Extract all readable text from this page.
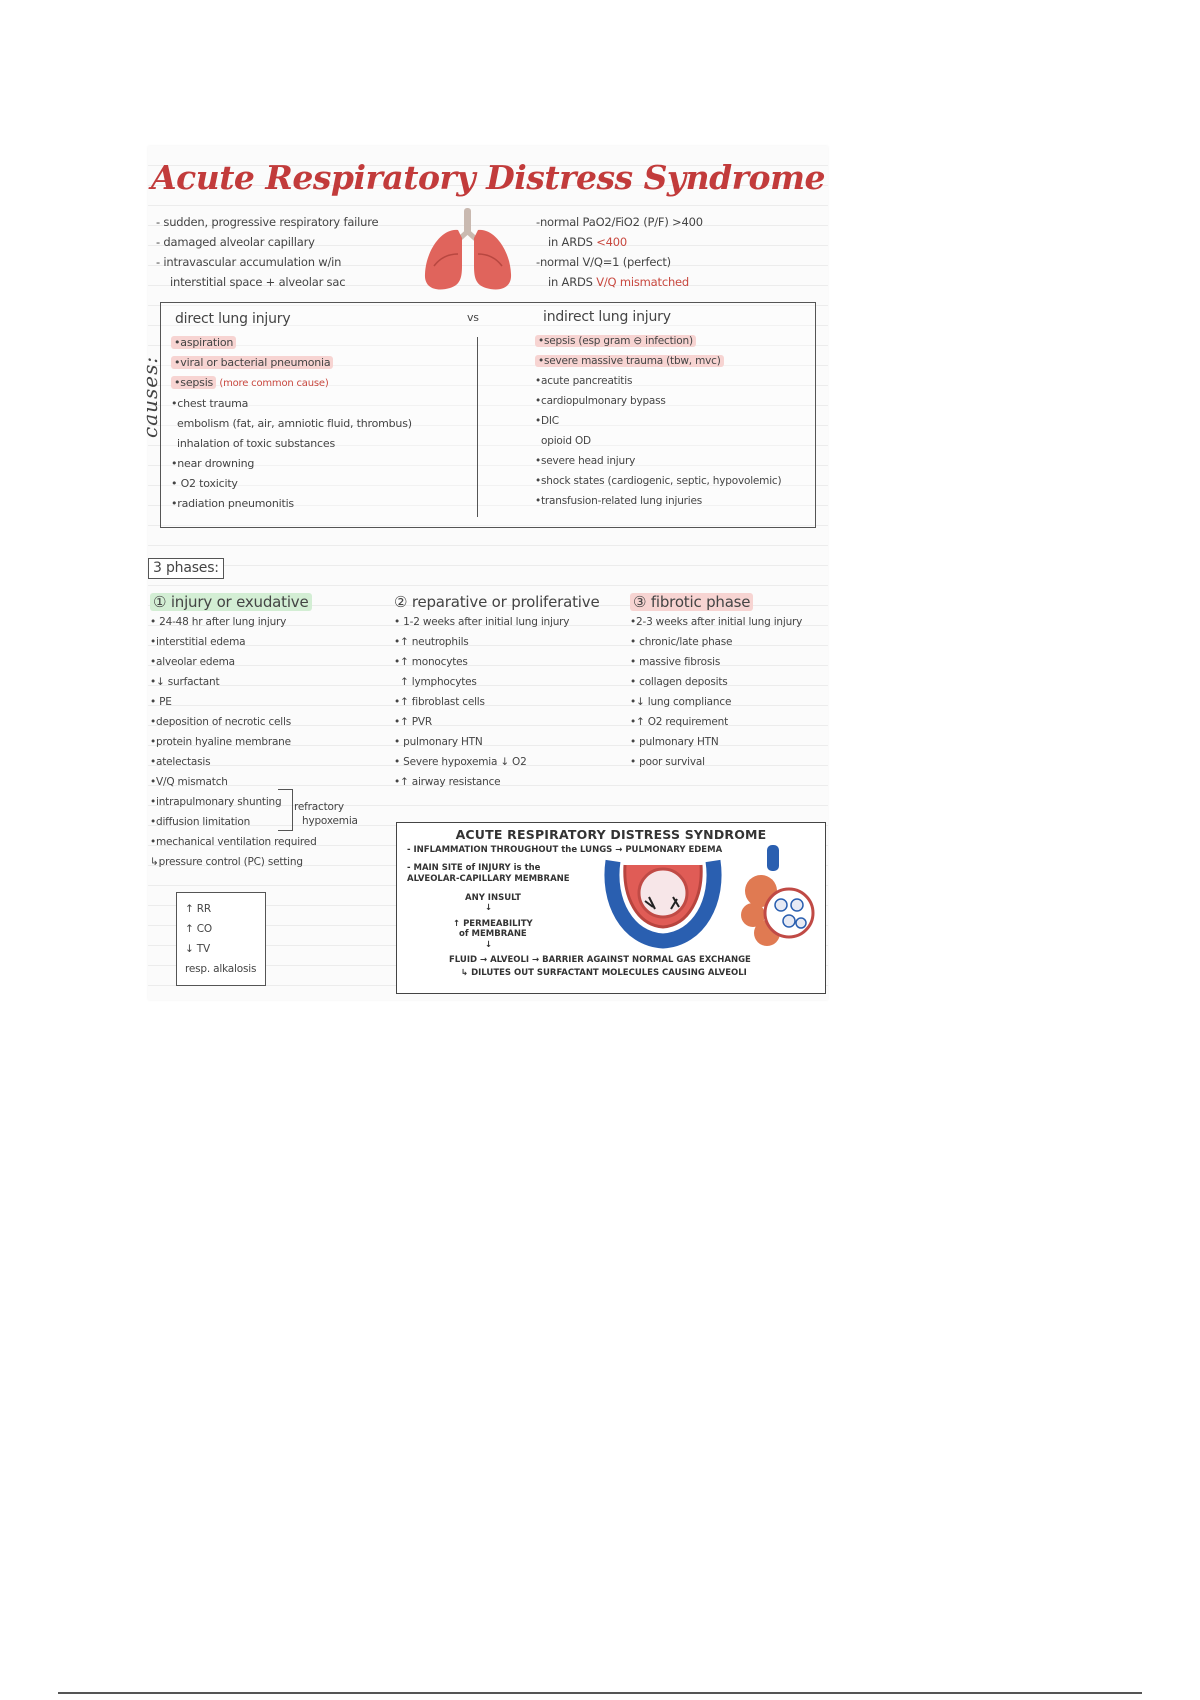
Acute Respiratory Distress Syndrome
- sudden, progressive respiratory failure
- damaged alveolar capillary
- intravascular accumulation w/in
interstitial space + alveolar sac
-normal PaO2/FiO2 (P/F) >400
in ARDS <400
-normal V/Q=1 (perfect)
in ARDS V/Q mismatched
causes:
direct lung injury	vs	indirect lung injury
•aspiration
•viral or bacterial pneumonia
•sepsis (more common cause)
•chest trauma
embolism (fat, air, amniotic fluid, thrombus)
inhalation of toxic substances
•near drowning
• O2 toxicity
•radiation pneumonitis
•sepsis (esp gram ⊖ infection)
•severe massive trauma (tbw, mvc)
•acute pancreatitis
•cardiopulmonary bypass
•DIC
opioid OD
•severe head injury
•shock states (cardiogenic, septic, hypovolemic)
•transfusion-related lung injuries
3 phases:
① injury or exudative
• 24-48 hr after lung injury
•interstitial edema
•alveolar edema
•↓ surfactant
• PE
•deposition of necrotic cells
•protein hyaline membrane
•atelectasis
•V/Q mismatch
•intrapulmonary shunting
•diffusion limitation
•mechanical ventilation required
↳pressure control (PC) setting
refractory
hypoxemia
↑ RR
↑ CO
↓ TV
resp. alkalosis
② reparative or proliferative
• 1-2 weeks after initial lung injury
•↑ neutrophils
•↑ monocytes
↑ lymphocytes
•↑ fibroblast cells
•↑ PVR
• pulmonary HTN
• Severe hypoxemia ↓ O2
•↑ airway resistance
③ fibrotic phase
•2-3 weeks after initial lung injury
• chronic/late phase
• massive fibrosis
• collagen deposits
•↓ lung compliance
•↑ O2 requirement
• pulmonary HTN
• poor survival
ACUTE RESPIRATORY DISTRESS SYNDROME
- INFLAMMATION THROUGHOUT the LUNGS → PULMONARY EDEMA
- MAIN SITE of INJURY is the
ALVEOLAR-CAPILLARY MEMBRANE
ANY INSULT
↓
↑ PERMEABILITY
of MEMBRANE
↓
FLUID → ALVEOLI → BARRIER AGAINST NORMAL GAS EXCHANGE
↳ DILUTES OUT SURFACTANT MOLECULES CAUSING ALVEOLI
